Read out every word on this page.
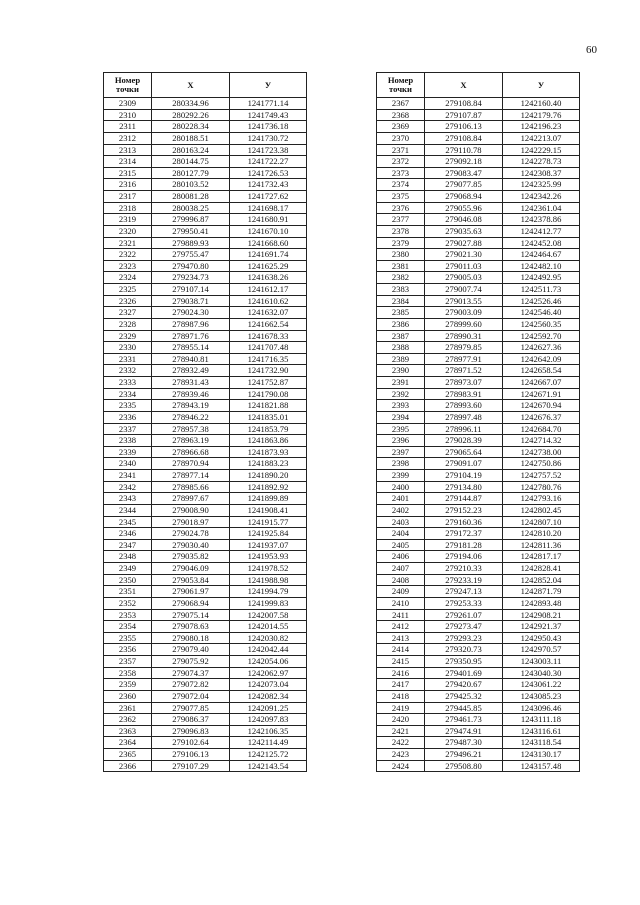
60
Номер
точки	X	У
2309	280334.96	1241771.14
2310	280292.26	1241749.43
2311	280228.34	1241736.18
2312	280188.51	1241730.72
2313	280163.24	1241723.38
2314	280144.75	1241722.27
2315	280127.79	1241726.53
2316	280103.52	1241732.43
2317	280081.28	1241727.62
2318	280038.25	1241698.17
2319	279996.87	1241680.91
2320	279950.41	1241670.10
2321	279889.93	1241668.60
2322	279755.47	1241691.74
2323	279470.80	1241625.29
2324	279234.73	1241638.26
2325	279107.14	1241612.17
2326	279038.71	1241610.62
2327	279024.30	1241632.07
2328	278987.96	1241662.54
2329	278971.76	1241678.33
2330	278955.14	1241707.48
2331	278940.81	1241716.35
2332	278932.49	1241732.90
2333	278931.43	1241752.87
2334	278939.46	1241790.08
2335	278943.19	1241821.88
2336	278946.22	1241835.01
2337	278957.38	1241853.79
2338	278963.19	1241863.86
2339	278966.68	1241873.93
2340	278970.94	1241883.23
2341	278977.14	1241890.20
2342	278985.66	1241892.92
2343	278997.67	1241899.89
2344	279008.90	1241908.41
2345	279018.97	1241915.77
2346	279024.78	1241925.84
2347	279030.40	1241937.07
2348	279035.82	1241953.93
2349	279046.09	1241978.52
2350	279053.84	1241988.98
2351	279061.97	1241994.79
2352	279068.94	1241999.83
2353	279075.14	1242007.58
2354	279078.63	1242014.55
2355	279080.18	1242030.82
2356	279079.40	1242042.44
2357	279075.92	1242054.06
2358	279074.37	1242062.97
2359	279072.82	1242073.04
2360	279072.04	1242082.34
2361	279077.85	1242091.25
2362	279086.37	1242097.83
2363	279096.83	1242106.35
2364	279102.64	1242114.49
2365	279106.13	1242125.72
2366	279107.29	1242143.54
Номер
точки	X	У
2367	279108.84	1242160.40
2368	279107.87	1242179.76
2369	279106.13	1242196.23
2370	279108.84	1242213.07
2371	279110.78	1242229.15
2372	279092.18	1242278.73
2373	279083.47	1242308.37
2374	279077.85	1242325.99
2375	279068.94	1242342.26
2376	279055.96	1242361.04
2377	279046.08	1242378.86
2378	279035.63	1242412.77
2379	279027.88	1242452.08
2380	279021.30	1242464.67
2381	279011.03	1242482.10
2382	279005.03	1242492.95
2383	279007.74	1242511.73
2384	279013.55	1242526.46
2385	279003.09	1242546.40
2386	278999.60	1242560.35
2387	278990.31	1242592.70
2388	278979.85	1242627.36
2389	278977.91	1242642.09
2390	278971.52	1242658.54
2391	278973.07	1242667.07
2392	278983.91	1242671.91
2393	278993.60	1242670.94
2394	278997.48	1242676.37
2395	278996.11	1242684.70
2396	279028.39	1242714.32
2397	279065.64	1242738.00
2398	279091.07	1242750.86
2399	279104.19	1242757.52
2400	279134.80	1242780.76
2401	279144.87	1242793.16
2402	279152.23	1242802.45
2403	279160.36	1242807.10
2404	279172.37	1242810.20
2405	279181.28	1242811.36
2406	279194.06	1242817.17
2407	279210.33	1242828.41
2408	279233.19	1242852.04
2409	279247.13	1242871.79
2410	279253.33	1242893.48
2411	279261.07	1242908.21
2412	279273.47	1242921.37
2413	279293.23	1242950.43
2414	279320.73	1242970.57
2415	279350.95	1243003.11
2416	279401.69	1243040.30
2417	279420.67	1243061.22
2418	279425.32	1243085.23
2419	279445.85	1243096.46
2420	279461.73	1243111.18
2421	279474.91	1243116.61
2422	279487.30	1243118.54
2423	279496.21	1243130.17
2424	279508.80	1243157.48
